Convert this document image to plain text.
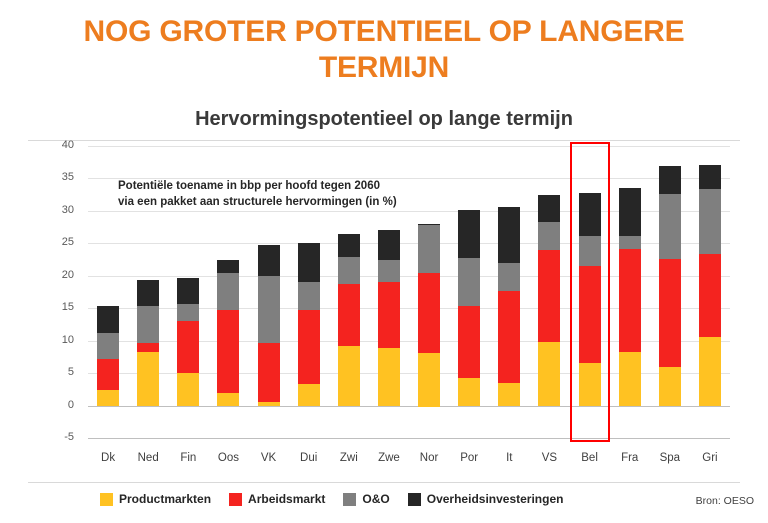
NOG GROTER POTENTIEEL OP LANGERE TERMIJN
Hervormingspotentieel op lange termijn
-5
0
5
10
15
20
25
30
35
40
Dk	Ned	Fin	Oos	VK	Dui	Zwi	Zwe	Nor	Por	It	VS	Bel	Fra	Spa	Gri
Potentiële toename in bbp per hoofd tegen 2060
via een pakket aan structurele hervormingen (in %)
Productmarkten	Arbeidsmarkt	O&O	Overheidsinvesteringen	Bron: OESO
